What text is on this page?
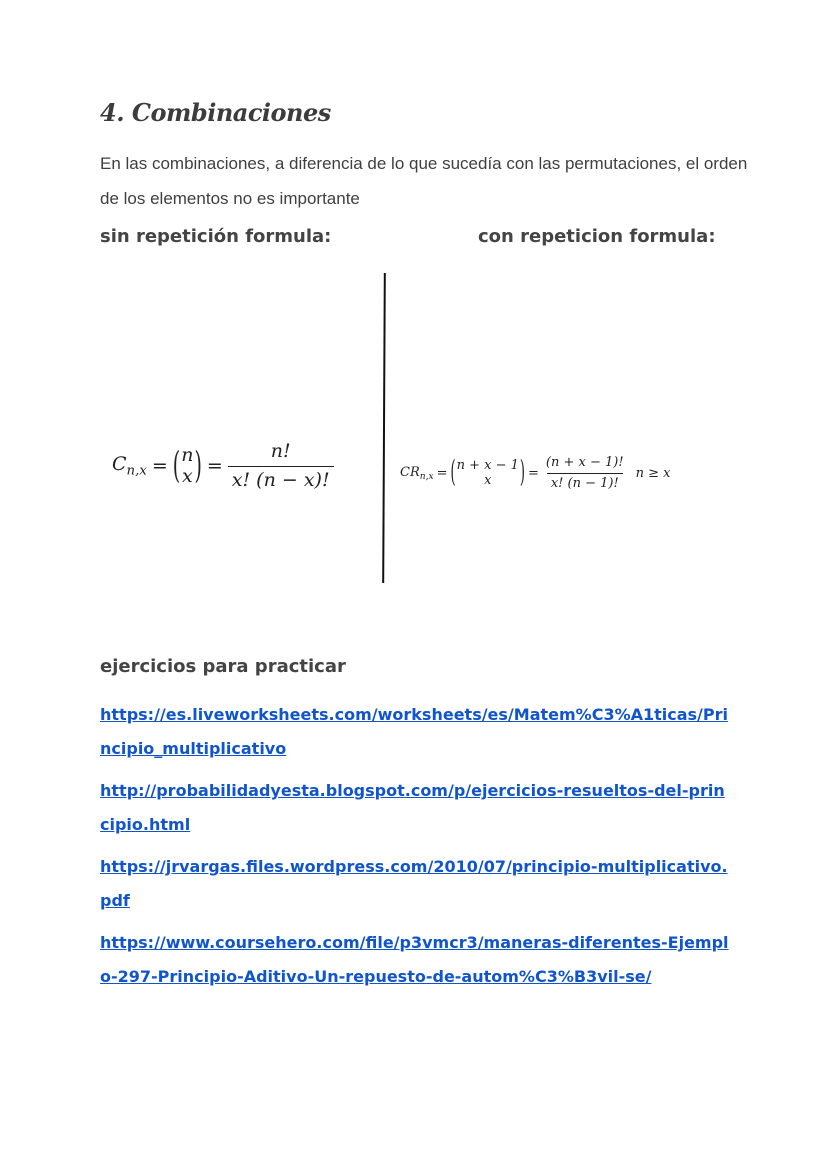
4. Combinaciones

En las combinaciones, a diferencia de lo que sucedía con las permutaciones, el orden de los elementos no es importante

sin repetición formula:	con repeticion formula:

$C_{n,x}$ = ( n
x ) = $\frac{n!}{x! (n - x)!}$	$CR_{n,x}$ = ( n + x − 1
x ) = $\frac{(n + x - 1)!}{x! (n - 1)!}$ n ≥ x

ejercicios para practicar

https://es.liveworksheets.com/worksheets/es/Matem%C3%A1ticas/Principio_multiplicativo
http://probabilidadyesta.blogspot.com/p/ejercicios-resueltos-del-principio.html
https://jrvargas.files.wordpress.com/2010/07/principio-multiplicativo.pdf
https://www.coursehero.com/file/p3vmcr3/maneras-diferentes-Ejemplo-297-Principio-Aditivo-Un-repuesto-de-autom%C3%B3vil-se/
